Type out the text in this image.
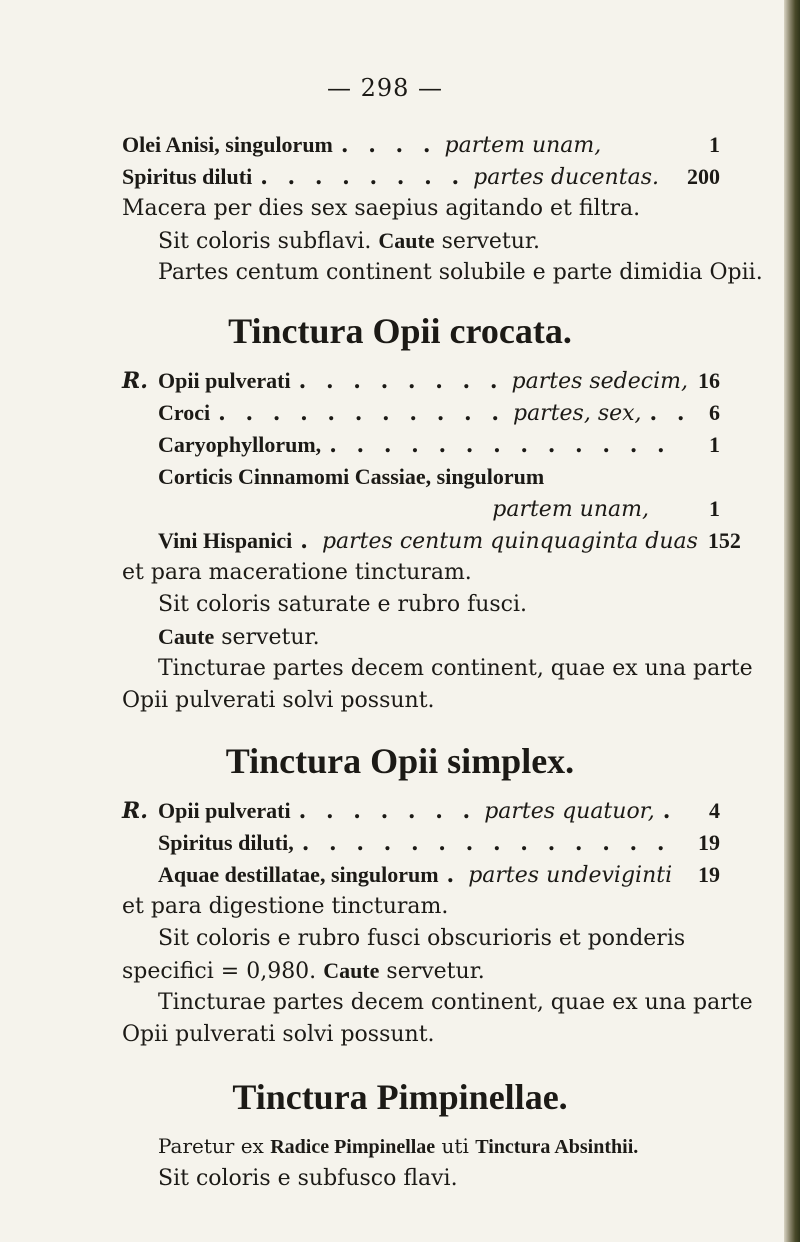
— 298 —
Olei Anisi, singulorum . . . . partem unam,	1
Spiritus diluti . . . . . . . . partes ducentas. 200
Macera per dies sex saepius agitando et filtra.
Sit coloris subflavi.
Caute
servetur.
Partes centum continent solubile e parte dimidia Opii.
Tinctura Opii crocata.
R. Opii pulverati . . . . . . . . partes sedecim, 16
Croci . . . . . . . . . . . partes, sex, . . 6
Caryophyllorum, . . . . . . . . . . . . . 1
Corticis Cinnamomi Cassiae, singulorum
partem unam,	1
Vini Hispanici . partes centum quinquaginta duas 152
et para maceratione tincturam.
Sit coloris saturate e rubro fusci.
Caute
servetur.
Tincturae partes decem continent, quae ex una parte
Opii pulverati solvi possunt.
Tinctura Opii simplex.
R. Opii pulverati . . . . . . . partes quatuor, . 4
Spiritus diluti, . . . . . . . . . . . . . . 19
Aquae destillatae, singulorum . partes undeviginti 19
et para digestione tincturam.
Sit coloris e rubro fusci obscurioris et ponderis
specifici = 0,980.
Caute
servetur.
Tincturae partes decem continent, quae ex una parte
Opii pulverati solvi possunt.
Tinctura Pimpinellae.
Paretur ex
Radice Pimpinellae
uti
Tinctura Absinthii.
Sit coloris e subfusco flavi.
